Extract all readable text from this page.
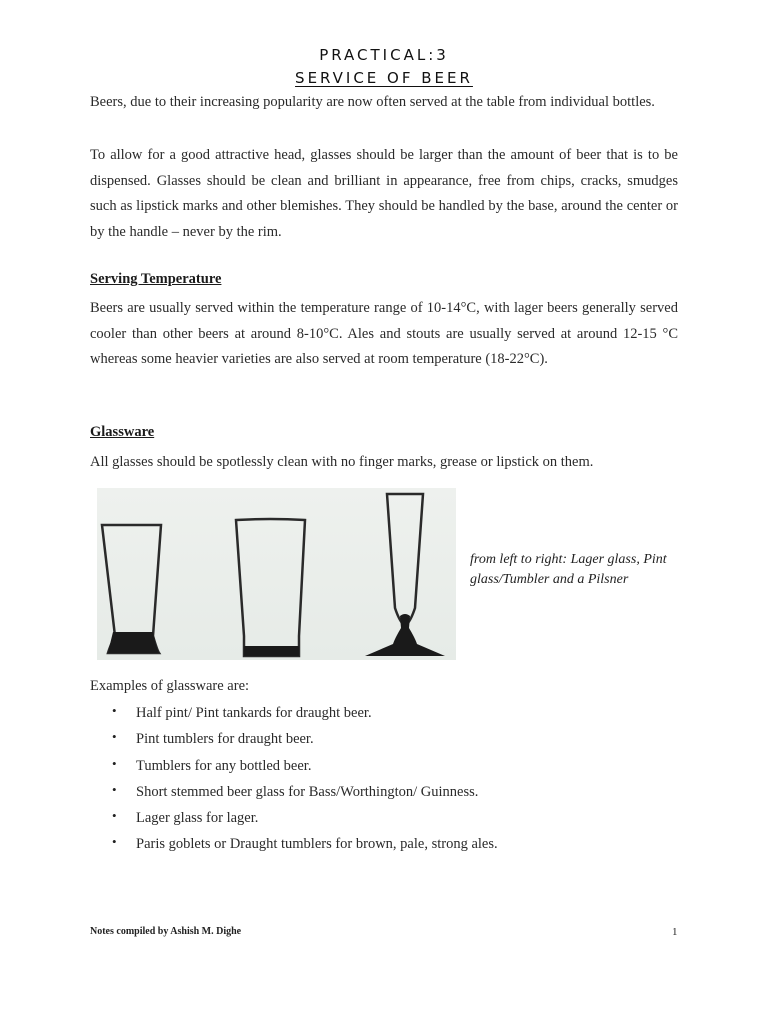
PRACTICAL:3
SERVICE OF BEER
Beers, due to their increasing popularity are now often served at the table from individual bottles.
To allow for a good attractive head, glasses should be larger than the amount of beer that is to be dispensed. Glasses should be clean and brilliant in appearance, free from chips, cracks, smudges such as lipstick marks and other blemishes. They should be handled by the base, around the center or by the handle – never by the rim.
Serving Temperature
Beers are usually served within the temperature range of 10-14°C, with lager beers generally served cooler than other beers at around 8-10°C. Ales and stouts are usually served at around 12-15 °C whereas some heavier varieties are also served at room temperature (18-22°C).
Glassware
All glasses should be spotlessly clean with no finger marks, grease or lipstick on them.
from left to right: Lager glass, Pint glass/Tumbler and a Pilsner
Examples of glassware are:
• Half pint/ Pint tankards for draught beer.
• Pint tumblers for draught beer.
• Tumblers for any bottled beer.
• Short stemmed beer glass for Bass/Worthington/ Guinness.
• Lager glass for lager.
• Paris goblets or Draught tumblers for brown, pale, strong ales.
Notes compiled by Ashish M. Dighe	1
